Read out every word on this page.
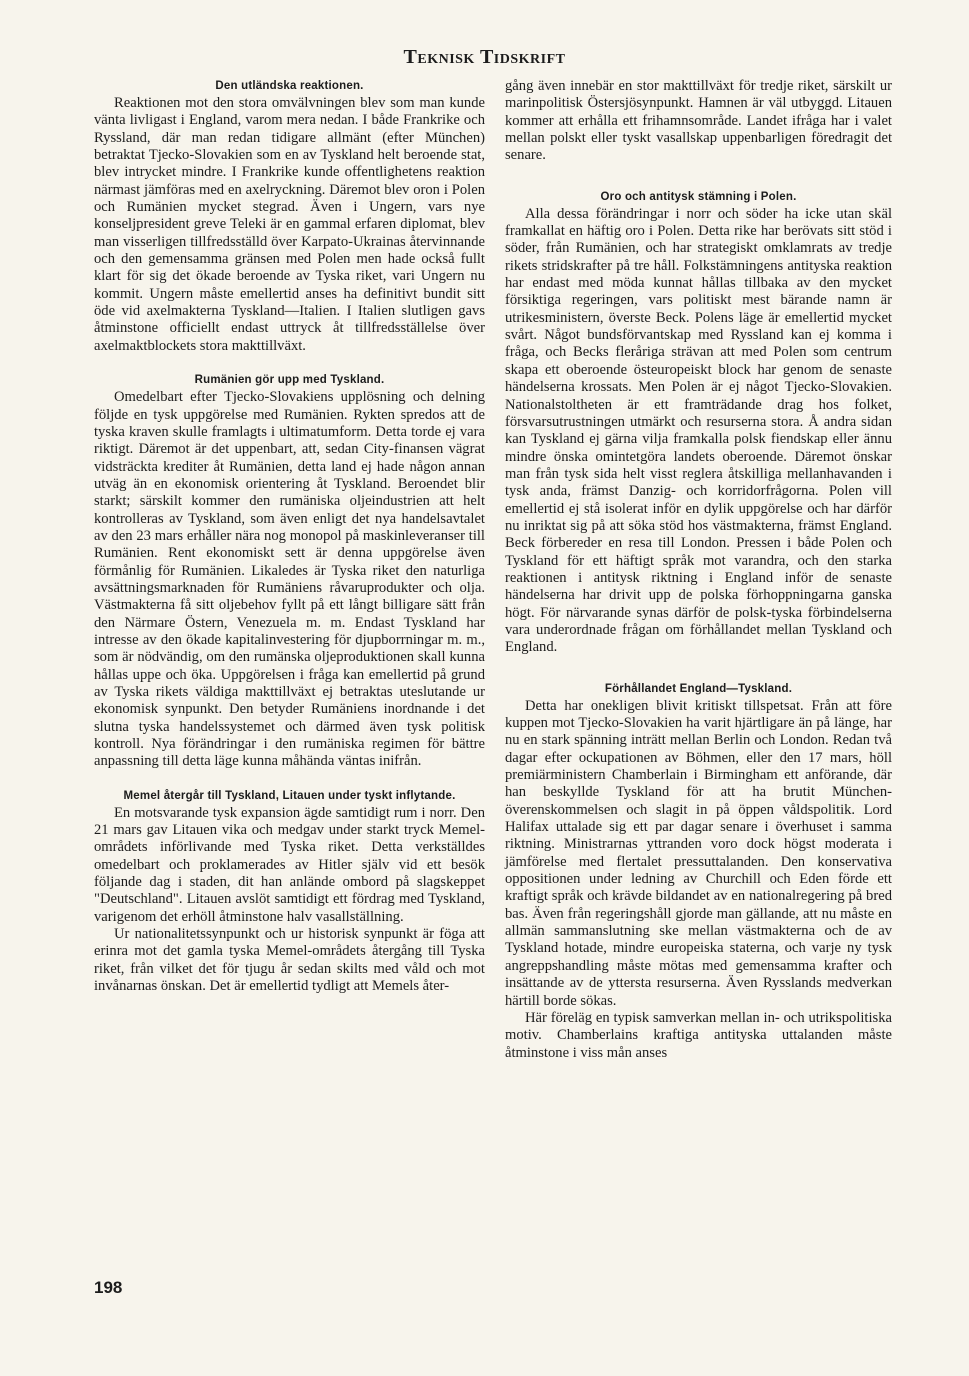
Teknisk Tidskrift
Den utländska reaktionen.

Reaktionen mot den stora omvälvningen blev som man kunde vänta livligast i England, varom mera nedan. I både Frankrike och Ryssland, där man redan tidigare allmänt (efter München) betraktat Tjecko-Slovakien som en av Tyskland helt beroende stat, blev intrycket mindre. I Frankrike kunde offentlighetens reaktion närmast jämföras med en axelryckning. Däremot blev oron i Polen och Rumänien mycket stegrad. Även i Ungern, vars nye konseljpresident greve Teleki är en gammal erfaren diplomat, blev man visserligen tillfredsställd över Karpato-Ukrainas återvinnande och den gemensamma gränsen med Polen men hade också fullt klart för sig det ökade beroende av Tyska riket, vari Ungern nu kommit. Ungern måste emellertid anses ha definitivt bundit sitt öde vid axelmakterna Tyskland—Italien. I Italien slutligen gavs åtminstone officiellt endast uttryck åt tillfredsställelse över axelmaktblockets stora makttillväxt.

Rumänien gör upp med Tyskland.

Omedelbart efter Tjecko-Slovakiens upplösning och delning följde en tysk uppgörelse med Rumänien. Rykten spredos att de tyska kraven skulle framlagts i ultimatumform. Detta torde ej vara riktigt. Däremot är det uppenbart, att, sedan City-finansen vägrat vidsträckta krediter åt Rumänien, detta land ej hade någon annan utväg än en ekonomisk orientering åt Tyskland. Beroendet blir starkt; särskilt kommer den rumäniska oljeindustrien att helt kontrolleras av Tyskland, som även enligt det nya handelsavtalet av den 23 mars erhåller nära nog monopol på maskinleveranser till Rumänien. Rent ekonomiskt sett är denna uppgörelse även förmånlig för Rumänien. Likaledes är Tyska riket den naturliga avsättningsmarknaden för Rumäniens råvaruprodukter och olja. Västmakterna få sitt oljebehov fyllt på ett långt billigare sätt från den Närmare Östern, Venezuela m. m. Endast Tyskland har intresse av den ökade kapitalinvestering för djupborrningar m. m., som är nödvändig, om den rumänska oljeproduktionen skall kunna hållas uppe och öka. Uppgörelsen i fråga kan emellertid på grund av Tyska rikets väldiga makttillväxt ej betraktas uteslutande ur ekonomisk synpunkt. Den betyder Rumäniens inordnande i det slutna tyska handelssystemet och därmed även tysk politisk kontroll. Nya förändringar i den rumäniska regimen för bättre anpassning till detta läge kunna måhända väntas inifrån.

Memel återgår till Tyskland, Litauen under tyskt inflytande.

En motsvarande tysk expansion ägde samtidigt rum i norr. Den 21 mars gav Litauen vika och medgav under starkt tryck Memel-områdets införlivande med Tyska riket. Detta verkställdes omedelbart och proklamerades av Hitler själv vid ett besök följande dag i staden, dit han anlände ombord på slagskeppet "Deutschland". Litauen avslöt samtidigt ett fördrag med Tyskland, varigenom det erhöll åtminstone halv vasallställning.

Ur nationalitetssynpunkt och ur historisk synpunkt är föga att erinra mot det gamla tyska Memel-områdets återgång till Tyska riket, från vilket det för tjugu år sedan skilts med våld och mot invånarnas önskan. Det är emellertid tydligt att Memels åter-

gång även innebär en stor makttillväxt för tredje riket, särskilt ur marinpolitisk Östersjösynpunkt. Hamnen är väl utbyggd. Litauen kommer att erhålla ett frihamnsområde. Landet ifråga har i valet mellan polskt eller tyskt vasallskap uppenbarligen föredragit det senare.

Oro och antitysk stämning i Polen.

Alla dessa förändringar i norr och söder ha icke utan skäl framkallat en häftig oro i Polen. Detta rike har berövats sitt stöd i söder, från Rumänien, och har strategiskt omklamrats av tredje rikets stridskrafter på tre håll. Folkstämningens antityska reaktion har endast med möda kunnat hållas tillbaka av den mycket försiktiga regeringen, vars politiskt mest bärande namn är utrikesministern, överste Beck. Polens läge är emellertid mycket svårt. Något bundsförvantskap med Ryssland kan ej komma i fråga, och Becks fleråriga strävan att med Polen som centrum skapa ett oberoende östeuropeiskt block har genom de senaste händelserna krossats. Men Polen är ej något Tjecko-Slovakien. Nationalstoltheten är ett framträdande drag hos folket, försvarsutrustningen utmärkt och resurserna stora. Å andra sidan kan Tyskland ej gärna vilja framkalla polsk fiendskap eller ännu mindre önska omintetgöra landets oberoende. Däremot önskar man från tysk sida helt visst reglera åtskilliga mellanhavanden i tysk anda, främst Danzig- och korridorfrågorna. Polen vill emellertid ej stå isolerat inför en dylik uppgörelse och har därför nu inriktat sig på att söka stöd hos västmakterna, främst England. Beck förbereder en resa till London. Pressen i både Polen och Tyskland för ett häftigt språk mot varandra, och den starka reaktionen i antitysk riktning i England inför de senaste händelserna har drivit upp de polska förhoppningarna ganska högt. För närvarande synas därför de polsk-tyska förbindelserna vara underordnade frågan om förhållandet mellan Tyskland och England.

Förhållandet England—Tyskland.

Detta har onekligen blivit kritiskt tillspetsat. Från att före kuppen mot Tjecko-Slovakien ha varit hjärtligare än på länge, har nu en stark spänning inträtt mellan Berlin och London. Redan två dagar efter ockupationen av Böhmen, eller den 17 mars, höll premiärministern Chamberlain i Birmingham ett anförande, där han beskyllde Tyskland för att ha brutit München-överenskommelsen och slagit in på öppen våldspolitik. Lord Halifax uttalade sig ett par dagar senare i överhuset i samma riktning. Ministrarnas yttranden voro dock högst moderata i jämförelse med flertalet pressuttalanden. Den konservativa oppositionen under ledning av Churchill och Eden förde ett kraftigt språk och krävde bildandet av en nationalregering på bred bas. Även från regeringshåll gjorde man gällande, att nu måste en allmän sammanslutning ske mellan västmakterna och de av Tyskland hotade, mindre europeiska staterna, och varje ny tysk angreppshandling måste mötas med gemensamma krafter och insättande av de yttersta resurserna. Även Rysslands medverkan härtill borde sökas.

Här föreläg en typisk samverkan mellan in- och utrikspolitiska motiv. Chamberlains kraftiga antityska uttalanden måste åtminstone i viss mån anses

198
